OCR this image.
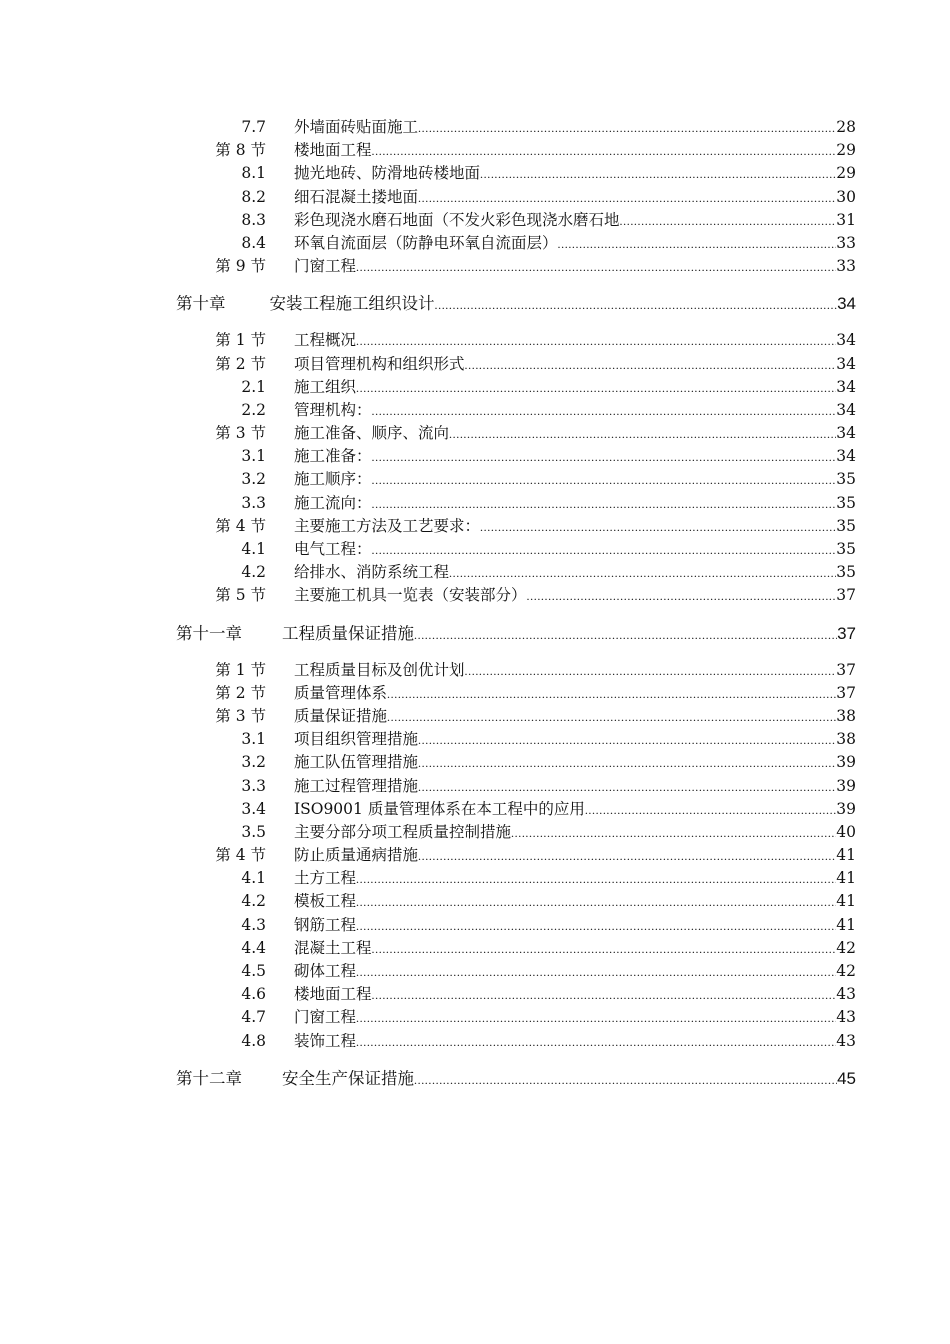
7.7 外墙面砖贴面施工 .....	28
第 8 节 楼地面工程 .....	29
8.1 抛光地砖、防滑地砖楼地面 .....	29
8.2 细石混凝土搂地面 .....	30
8.3 彩色现浇水磨石地面（不发火彩色现浇水磨石地 .....	31
8.4 环氧自流面层（防静电环氧自流面层） .....	33
第 9 节 门窗工程 .....	33
第十章	安装工程施工组织设计 .....	34
第 1 节 工程概况 .....	34
第 2 节 项目管理机构和组织形式 .....	34
2.1 施工组织 .....	34
2.2 管理机构： .....	34
第 3 节 施工准备、顺序、流向 .....	34
3.1 施工准备： .....	34
3.2 施工顺序： .....	35
3.3 施工流向： .....	35
第 4 节 主要施工方法及工艺要求： .....	35
4.1 电气工程： .....	35
4.2 给排水、消防系统工程 .....	35
第 5 节 主要施工机具一览表（安装部分） .....	37
第十一章 工程质量保证措施 .....	37
第 1 节 工程质量目标及创优计划 .....	37
第 2 节 质量管理体系 .....	37
第 3 节 质量保证措施 .....	38
3.1 项目组织管理措施 .....	38
3.2 施工队伍管理措施 .....	39
3.3 施工过程管理措施 .....	39
3.4 ISO9001 质量管理体系在本工程中的应用 .....	39
3.5 主要分部分项工程质量控制措施 .....	40
第 4 节 防止质量通病措施 .....	41
4.1 土方工程 .....	41
4.2 模板工程 .....	41
4.3 钢筋工程 .....	41
4.4 混凝土工程 .....	42
4.5 砌体工程 .....	42
4.6 楼地面工程 .....	43
4.7 门窗工程 .....	43
4.8 装饰工程 .....	43
第十二章 安全生产保证措施 .....	45
